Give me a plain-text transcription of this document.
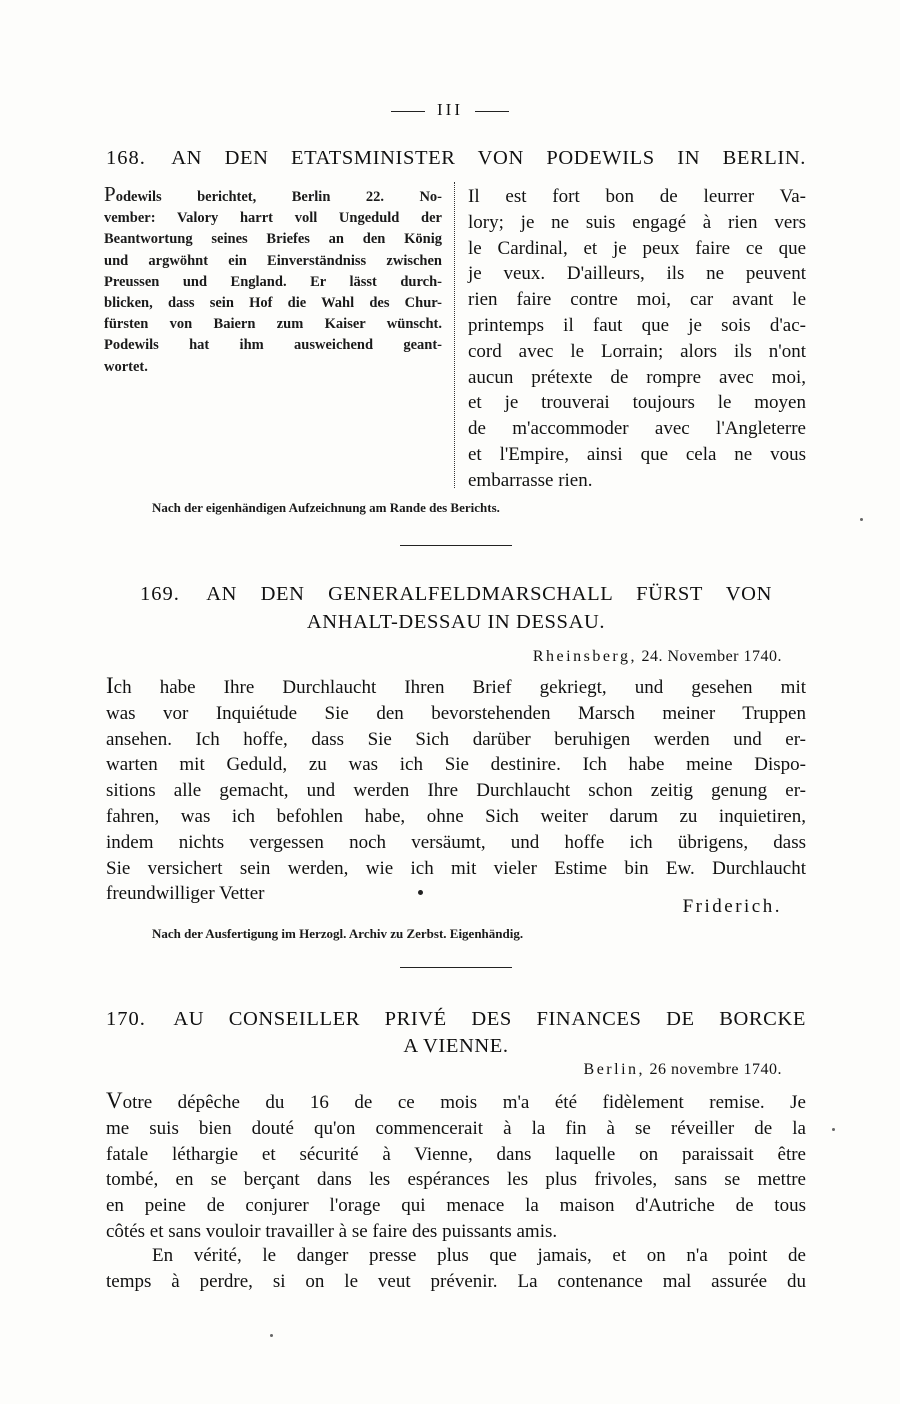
III
168. AN DEN ETATSMINISTER VON PODEWILS IN BERLIN.
Podewils berichtet, Berlin 22. No-
vember: Valory harrt voll Ungeduld der
Beantwortung seines Briefes an den König
und argwöhnt ein Einverständniss zwischen
Preussen und England. Er lässt durch-
blicken, dass sein Hof die Wahl des Chur-
fürsten von Baiern zum Kaiser wünscht.
Podewils hat ihm ausweichend geant-
wortet.
Il est fort bon de leurrer Va-
lory; je ne suis engagé à rien vers
le Cardinal, et je peux faire ce que
je veux. D'ailleurs, ils ne peuvent
rien faire contre moi, car avant le
printemps il faut que je sois d'ac-
cord avec le Lorrain; alors ils n'ont
aucun prétexte de rompre avec moi,
et je trouverai toujours le moyen
de m'accommoder avec l'Angleterre
et l'Empire, ainsi que cela ne vous
embarrasse rien.
Nach der eigenhändigen Aufzeichnung am Rande des Berichts.
169. AN DEN GENERALFELDMARSCHALL FÜRST VON
ANHALT-DESSAU IN DESSAU.
Rheinsberg, 24. November 1740.
Ich habe Ihre Durchlaucht Ihren Brief gekriegt, und gesehen mit
was vor Inquiétude Sie den bevorstehenden Marsch meiner Truppen
ansehen. Ich hoffe, dass Sie Sich darüber beruhigen werden und er-
warten mit Geduld, zu was ich Sie destinire. Ich habe meine Dispo-
sitions alle gemacht, und werden Ihre Durchlaucht schon zeitig genung er-
fahren, was ich befohlen habe, ohne Sich weiter darum zu inquietiren,
indem nichts vergessen noch versäumt, und hoffe ich übrigens, dass
Sie versichert sein werden, wie ich mit vieler Estime bin Ew. Durchlaucht
freundwilliger Vetter
Friderich.
Nach der Ausfertigung im Herzogl. Archiv zu Zerbst. Eigenhändig.
170. AU CONSEILLER PRIVÉ DES FINANCES DE BORCKE
A VIENNE.
Berlin, 26 novembre 1740.
Votre dépêche du 16 de ce mois m'a été fidèlement remise. Je
me suis bien douté qu'on commencerait à la fin à se réveiller de la
fatale léthargie et sécurité à Vienne, dans laquelle on paraissait être
tombé, en se berçant dans les espérances les plus frivoles, sans se mettre
en peine de conjurer l'orage qui menace la maison d'Autriche de tous
côtés et sans vouloir travailler à se faire des puissants amis.
En vérité, le danger presse plus que jamais, et on n'a point de
temps à perdre, si on le veut prévenir. La contenance mal assurée du
